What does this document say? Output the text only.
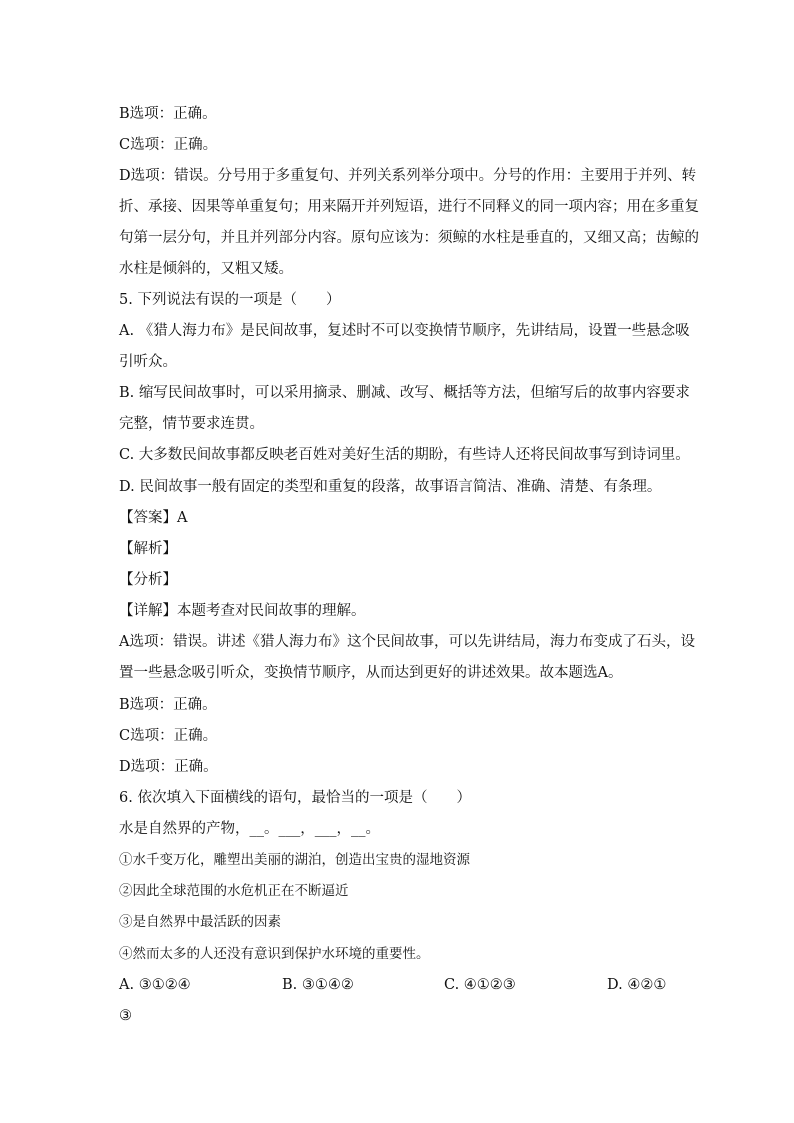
B选项：正确。
C选项：正确。
D选项：错误。分号用于多重复句、并列关系列举分项中。分号的作用：主要用于并列、转
折、承接、因果等单重复句；用来隔开并列短语，进行不同释义的同一项内容；用在多重复
句第一层分句，并且并列部分内容。原句应该为：须鲸的水柱是垂直的，又细又高；齿鲸的
水柱是倾斜的，又粗又矮。
5. 下列说法有误的一项是（　　）
A. 《猎人海力布》是民间故事，复述时不可以变换情节顺序，先讲结局，设置一些悬念吸
引听众。
B. 缩写民间故事时，可以采用摘录、删减、改写、概括等方法，但缩写后的故事内容要求
完整，情节要求连贯。
C. 大多数民间故事都反映老百姓对美好生活的期盼，有些诗人还将民间故事写到诗词里。
D. 民间故事一般有固定的类型和重复的段落，故事语言简洁、准确、清楚、有条理。
【答案】A
【解析】
【分析】
【详解】本题考查对民间故事的理解。
A选项：错误。讲述《猎人海力布》这个民间故事，可以先讲结局，海力布变成了石头，设
置一些悬念吸引听众，变换情节顺序，从而达到更好的讲述效果。故本题选A。
B选项：正确。
C选项：正确。
D选项：正确。
6. 依次填入下面横线的语句，最恰当的一项是（　　）
水是自然界的产物，__。___，___，__。
①水千变万化，雕塑出美丽的湖泊，创造出宝贵的湿地资源
②因此全球范围的水危机正在不断逼近
③是自然界中最活跃的因素
④然而太多的人还没有意识到保护水环境的重要性。
A. ③①②④	B. ③①④②	C. ④①②③	D. ④②①
③
